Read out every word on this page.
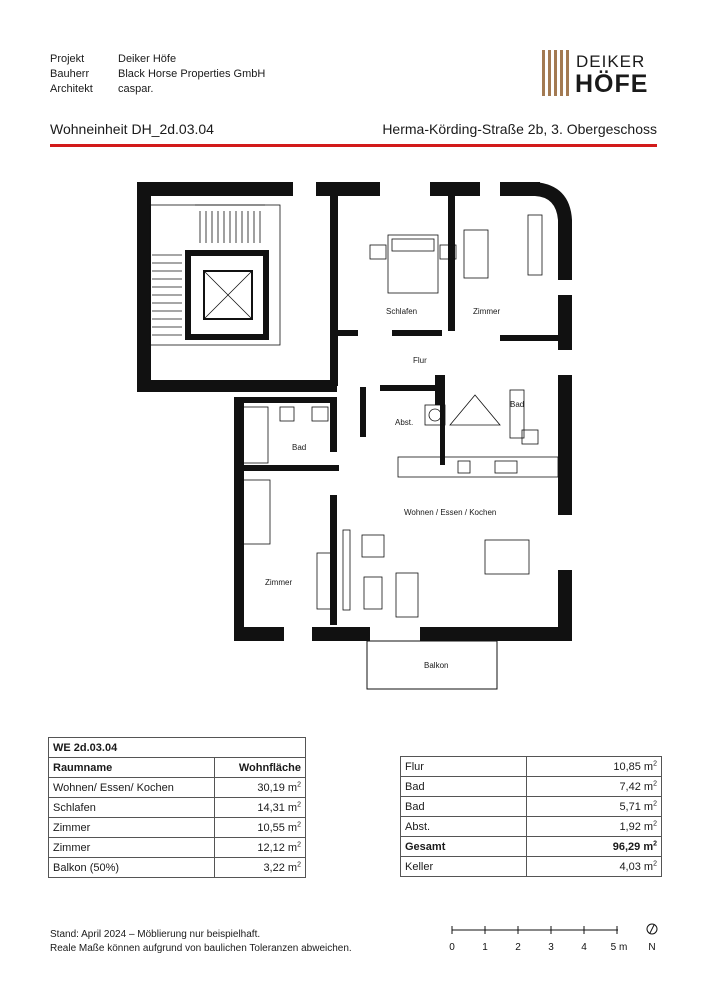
Projekt	Deiker Höfe
Bauherr	Black Horse Properties GmbH
Architekt	caspar.
DEIKER
HÖFE
Wohneinheit DH_2d.03.04	Herma-Körding-Straße 2b, 3. Obergeschoss
Schlafen	Zimmer
Flur
Bad
Abst.
Bad
Wohnen / Essen / Kochen
Zimmer
Balkon
WE 2d.03.04	
Raumname	Wohnfläche
Wohnen/ Essen/ Kochen	30,19 $m^2$
Schlafen	14,31 $m^2$
Zimmer	10,55 $m^2$
Zimmer	12,12 $m^2$
Balkon (50%)	3,22 $m^2$
Flur	10,85 $m^2$
Bad	7,42 $m^2$
Bad	5,71 $m^2$
Abst.	1,92 $m^2$
Gesamt	96,29 $m^2$
Keller	4,03 $m^2$
Stand: April 2024 – Möblierung nur beispielhaft.
Reale Maße können aufgrund von baulichen Toleranzen abweichen.	0	1	2	3	4 5 m N
